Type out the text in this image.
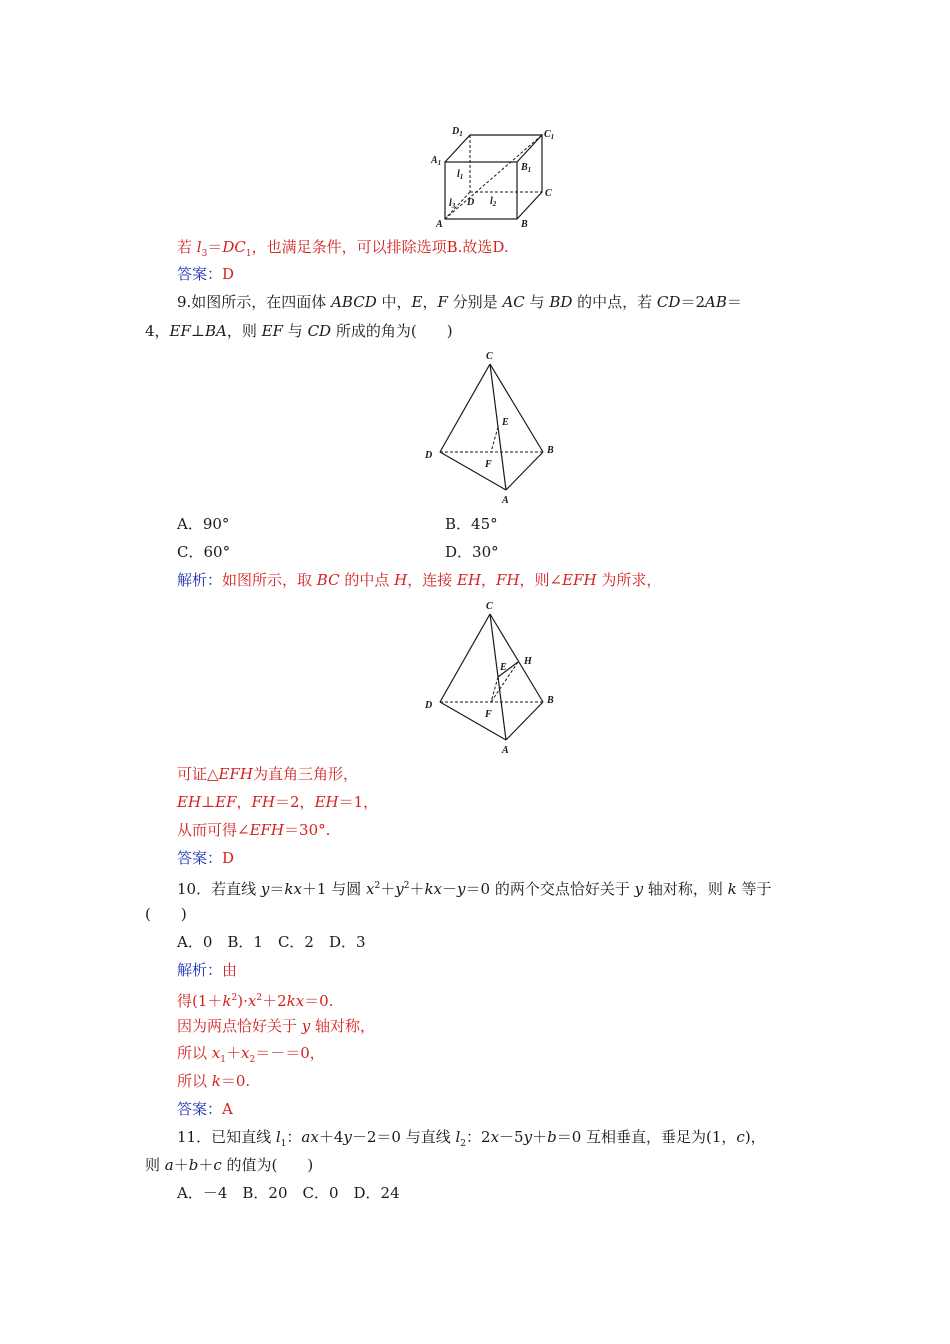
$D_1$	$C_1$
$A_1$	$B_1$
$l_1$
C
$l_3$ D $l_2$
A	B
若 $l_3=DC_1$，也满足条件，可以排除选项B.故选D.
答案：D
9.如图所示，在四面体 ABCD 中，E，F 分别是 AC 与 BD 的中点，若 CD＝2AB＝
4，EF⊥BA，则 EF 与 CD 所成的角为(　　)
C
E
D
F
B
A
A．90°	B．45°
C．60°	D．30°
解析：如图所示，取 BC 的中点 H，连接 EH，FH，则∠EFH 为所求，
C
E
H
D
F
B
A
可证△EFH为直角三角形，
EH⊥EF，FH＝2，EH＝1，
从而可得∠EFH＝30°.
答案：D
10．若直线 y＝kx＋1 与圆 $x^2+y^2+kx-y=0$ 的两个交点恰好关于 y 轴对称，则 k 等于
(　　)
A．0　B．1　C．2　D．3
解析：由
得$(1+k^2)\cdot x^2+2kx=0$.
因为两点恰好关于 y 轴对称，
所以 $x_1+x_2=-=0$，
所以 k＝0.
答案：A
11．已知直线 $l_1$：ax＋4y－2＝0 与直线 $l_2$：2x－5y＋b＝0 互相垂直，垂足为(1，c)，
则 a＋b＋c 的值为(　　)
A．－4　B．20　C．0　D．24
